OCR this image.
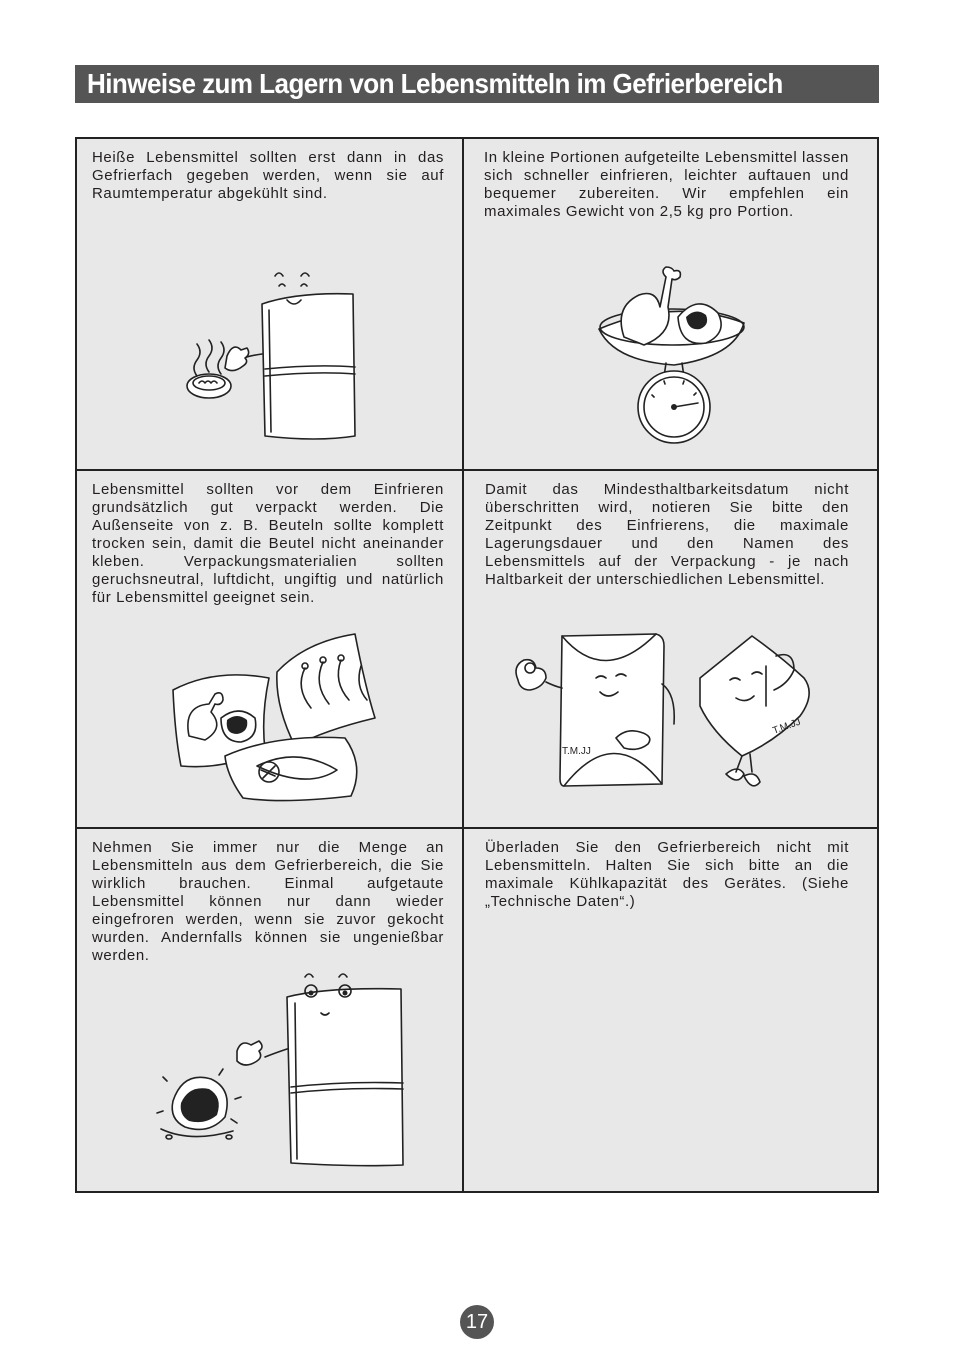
Hinweise zum Lagern von Lebensmitteln im Gefrierbereich
Heiße Lebensmittel sollten erst dann in das Gefrierfach gegeben werden, wenn sie auf Raumtemperatur abgekühlt sind.
In kleine Portionen aufgeteilte Lebensmittel lassen sich schneller einfrieren, leichter auftauen und bequemer zubereiten. Wir empfehlen ein maximales Gewicht von 2,5 kg pro Portion.
Lebensmittel sollten vor dem Einfrieren grundsätzlich gut verpackt werden. Die Außenseite von z. B. Beuteln sollte komplett trocken sein, damit die Beutel nicht aneinander kleben. Verpackungsmaterialien sollten geruchsneutral, luftdicht, ungiftig und natürlich für Lebensmittel geeignet sein.
Damit das Mindesthaltbarkeitsdatum nicht überschritten wird, notieren Sie bitte den Zeitpunkt des Einfrierens, die maximale Lagerungsdauer und den Namen des Lebensmittels auf der Verpackung - je nach Haltbarkeit der unterschiedlichen Lebensmittel.
T.M.JJ
T.M.JJ
Nehmen Sie immer nur die Menge an Lebensmitteln aus dem Gefrierbereich, die Sie wirklich brauchen. Einmal aufgetaute Lebensmittel können nur dann wieder eingefroren werden, wenn sie zuvor gekocht wurden. Andernfalls können sie ungenießbar werden.
Überladen Sie den Gefrierbereich nicht mit Lebensmitteln. Halten Sie sich bitte an die maximale Kühlkapazität des Gerätes. (Siehe „Technische Daten“.)
17
